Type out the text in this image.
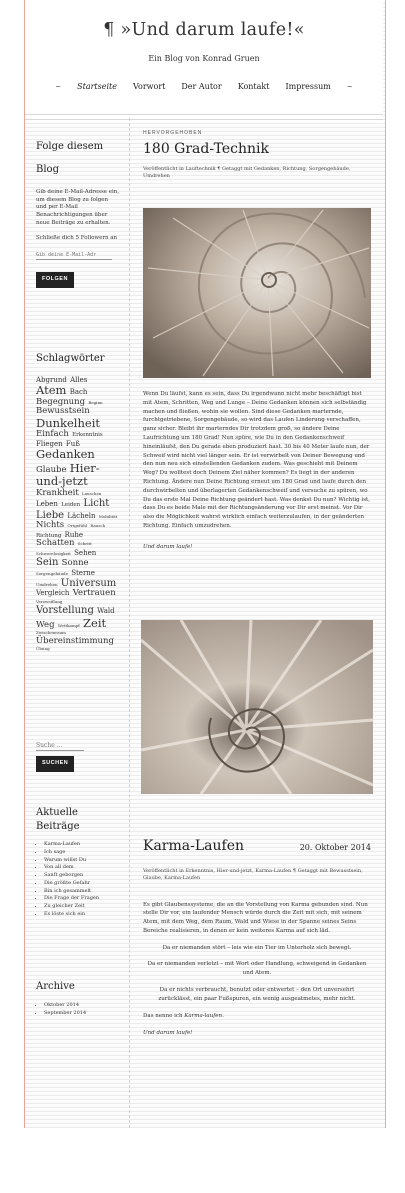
¶ »Und darum laufe!«
Ein Blog von Konrad Gruen
~ Startseite Vorwort Der Autor Kontakt Impressum ~
Folge diesem
Blog

Gib deine E-Mail-Adresse ein, um diesem Blog zu folgen und per E-Mail Benachrichtigungen über neue Beiträge zu erhalten.

Schließe dich 5 Followern an

Gib deine E-Mail-Adr
FOLGEN
Schlagwörter
Abgrund Alles Atem Bach Begegnung Beginn Bewusstsein Dunkelheit Einfach Erkenntnis Fliegen Fuß Gedanken Glaube Hier-und-jetzt Krankheit Lauschen Leben Leiden Licht Liebe Lächeln Mobilität Nichts Ortgefühl Rausch Richtung Ruhe Schatten Schritt Schwerelosigkeit Sehen Sein Sonne Sorgengebäude Sterne Umdrehen Universum Vergleich Vertrauen Verzweiflung Vorstellung Wald Weg Wettkampf Zeit Zwischenraum Übereinstimmung Übung
Suche …
SUCHEN
Aktuelle
Beiträge
• Karma-Laufen
• Ich sage
• Warum willst Du
• Von all dem
• Sanft geborgen
• Die größte Gefahr
• Bin ich gesammelt
• Die Frage der Fragen
• Zu gleicher Zeit
• Es löste sich ein
Archive
• Oktober 2014
• September 2014
HERVORGEHOBEN
180 Grad-Technik
Veröffentlicht in Lauftechnik ¶ Getaggt mit Gedanken, Richtung, Sorgengebäude, Umdrehen

Wenn Du läufst, kann es sein, dass Du irgendwann nicht mehr beschäftigt bist mit Atem, Schritten, Weg und Lunge – Deine Gedanken können sich selbständig machen und fließen, wohin sie wollen. Sind diese Gedanken marternde, furchtgetriebene, Sorgengebäude, so wird das Laufen Linderung verschaffen, ganz sicher. Bleibt ihr marterndes Dir trotzdem groß, so ändere Deine Laufrichtung um 180 Grad! Nun spüre, wie Du in den Gedankenschweif hineinläufst, den Du gerade eben produziert hast. 30 bis 40 Meter laufe nun, der Schweif wird nicht viel länger sein. Er ist verwirbelt von Deiner Bewegung und den nun neu sich einstellenden Gedanken zudem. Was geschieht mit Deinem Weg? Du wolltest doch Deinem Ziel näher kommen? Es liegt in der anderen Richtung. Ändere nun Deine Richtung erneut um 180 Grad und laufe durch den durchwirbelten und überlagerten Gedankenschweif und versuche zu spüren, wo Du das erste Mal Deine Richtung geändert hast. Was denkst Du nun? Wichtig ist, dass Du es beide Male mit der Richtungsänderung vor Dir erst meinst. Vor Dir also die Möglichkeit wahrst wirklich einfach weiterzulaufen, in der geänderten Richtung. Einfach umzudrehen.

Und darum laufe!

Karma-Laufen	20. Oktober 2014
Veröffentlicht in Erkenntnis, Hier-und-jetzt, Karma-Laufen ¶ Getaggt mit Bewusstsein, Glaube, Karma-Laufen

Es gibt Glaubenssysteme, die an die Vorstellung von Karma gebunden sind. Nun stelle Dir vor, ein laufender Mensch würde durch die Zeit mit sich, mit seinem Atem, mit dem Weg, dem Raum, Wald und Wiese in der Spanne seines Seins Bereiche realisieren, in denen er kein weiteres Karma auf sich läd.

Da er niemanden stört – leis wie ein Tier im Unterholz sich bewegt.

Da er niemanden verletzt – mit Wort oder Handlung, schweigend in Gedanken und Atem.

Da er nichts verbraucht, benutzt oder entwertet – den Ort unversehrt zurücklässt, ein paar Fußspuren, ein wenig ausgeatmetes, mehr nicht.

Das nenne ich Karma-laufen.

Und darum laufe!
